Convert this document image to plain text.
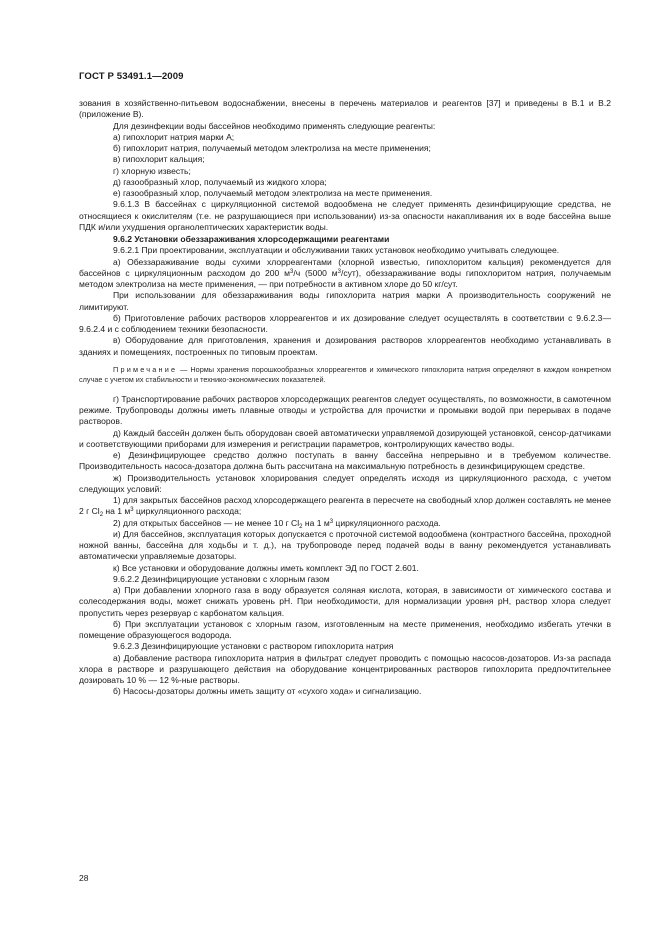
ГОСТ Р 53491.1—2009

зования в хозяйственно-питьевом водоснабжении, внесены в перечень материалов и реагентов [37] и приведены в В.1 и В.2 (приложение В).

Для дезинфекции воды бассейнов необходимо применять следующие реагенты:

а) гипохлорит натрия марки А;

б) гипохлорит натрия, получаемый методом электролиза на месте применения;

в) гипохлорит кальция;

г) хлорную известь;

д) газообразный хлор, получаемый из жидкого хлора;

е) газообразный хлор, получаемый методом электролиза на месте применения.

9.6.1.3 В бассейнах с циркуляционной системой водообмена не следует применять дезинфицирующие средства, не относящиеся к окислителям (т.е. не разрушающиеся при использовании) из-за опасности накапливания их в воде бассейна выше ПДК и/или ухудшения органолептических характеристик воды.

9.6.2 Установки обеззараживания хлорсодержащими реагентами

9.6.2.1 При проектировании, эксплуатации и обслуживании таких установок необходимо учитывать следующее.

а) Обеззараживание воды сухими хлорреагентами (хлорной известью, гипохлоритом кальция) рекомендуется для бассейнов с циркуляционным расходом до 200 $м^3/ч$ (5000 $м^3/сут$), обеззараживание воды гипохлоритом натрия, получаемым методом электролиза на месте применения, — при потребности в активном хлоре до 50 кг/сут.

При использовании для обеззараживания воды гипохлорита натрия марки А производительность сооружений не лимитируют.

б) Приготовление рабочих растворов хлорреагентов и их дозирование следует осуществлять в соответствии с 9.6.2.3—9.6.2.4 и с соблюдением техники безопасности.

в) Оборудование для приготовления, хранения и дозирования растворов хлорреагентов необходимо устанавливать в зданиях и помещениях, построенных по типовым проектам.

Примечание — Нормы хранения порошкообразных хлорреагентов и химического гипохлорита натрия определяют в каждом конкретном случае с учетом их стабильности и технико-экономических показателей.

г) Транспортирование рабочих растворов хлорсодержащих реагентов следует осуществлять, по возможности, в самотечном режиме. Трубопроводы должны иметь плавные отводы и устройства для прочистки и промывки водой при перерывах в подаче растворов.

д) Каждый бассейн должен быть оборудован своей автоматически управляемой дозирующей установкой, сенсор-датчиками и соответствующими приборами для измерения и регистрации параметров, контролирующих качество воды.

е) Дезинфицирующее средство должно поступать в ванну бассейна непрерывно и в требуемом количестве. Производительность насоса-дозатора должна быть рассчитана на максимальную потребность в дезинфицирующем средстве.

ж) Производительность установок хлорирования следует определять исходя из циркуляционного расхода, с учетом следующих условий:

1) для закрытых бассейнов расход хлорсодержащего реагента в пересчете на свободный хлор должен составлять не менее 2 г $Cl_2$ на 1 $м^3$ циркуляционного расхода;

2) для открытых бассейнов — не менее 10 г $Cl_2$ на 1 $м^3$ циркуляционного расхода.

и) Для бассейнов, эксплуатация которых допускается с проточной системой водообмена (контрастного бассейна, проходной ножной ванны, бассейна для ходьбы и т. д.), на трубопроводе перед подачей воды в ванну рекомендуется устанавливать автоматически управляемые дозаторы.

к) Все установки и оборудование должны иметь комплект ЭД по ГОСТ 2.601.

9.6.2.2 Дезинфицирующие установки с хлорным газом

а) При добавлении хлорного газа в воду образуется соляная кислота, которая, в зависимости от химического состава и солесодержания воды, может снижать уровень pH. При необходимости, для нормализации уровня pH, раствор хлора следует пропустить через резервуар с карбонатом кальция.

б) При эксплуатации установок с хлорным газом, изготовленным на месте применения, необходимо избегать утечки в помещение образующегося водорода.

9.6.2.3 Дезинфицирующие установки с раствором гипохлорита натрия

а) Добавление раствора гипохлорита натрия в фильтрат следует проводить с помощью насосов-дозаторов. Из-за распада хлора в растворе и разрушающего действия на оборудование концентрированных растворов гипохлорита предпочтительнее дозировать 10 % — 12 %-ные растворы.

б) Насосы-дозаторы должны иметь защиту от «сухого хода» и сигнализацию.

28
